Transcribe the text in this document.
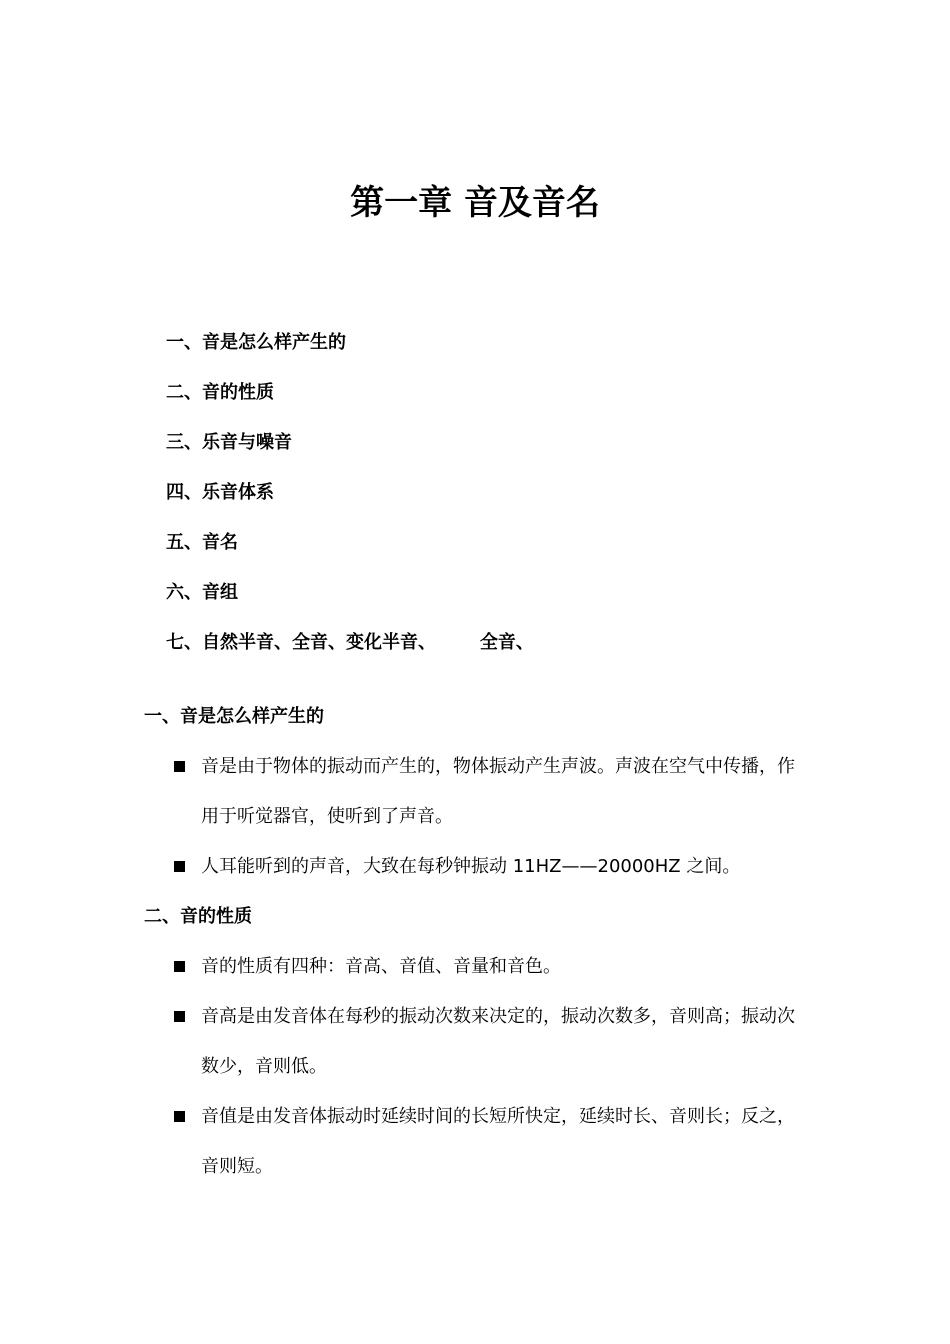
第一章 音及音名
一、音是怎么样产生的
二、音的性质
三、乐音与噪音
四、乐音体系
五、音名
六、音组
七、自然半音、全音、变化半音、       全音、
一、音是怎么样产生的
音是由于物体的振动而产生的，物体振动产生声波。声波在空气中传播，作用于听觉器官，使听到了声音。
人耳能听到的声音，大致在每秒钟振动 11HZ——20000HZ 之间。
二、音的性质
音的性质有四种：音高、音值、音量和音色。
音高是由发音体在每秒的振动次数来决定的，振动次数多，音则高；振动次数少，音则低。
音值是由发音体振动时延续时间的长短所快定，延续时长、音则长；反之，音则短。
